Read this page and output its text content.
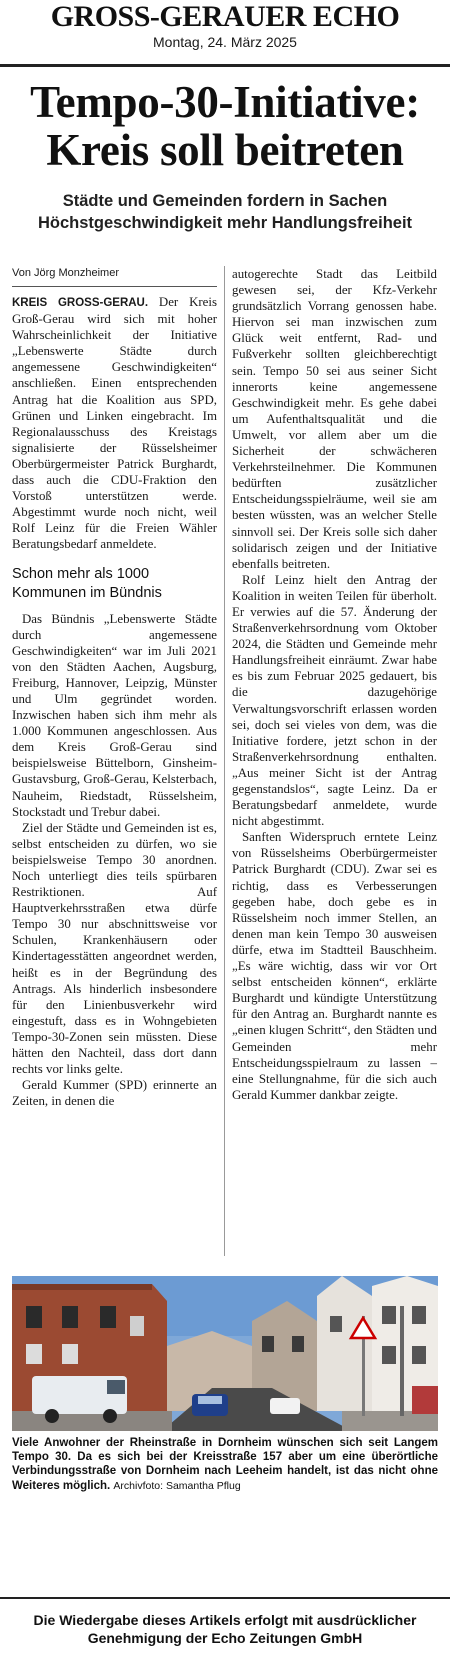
GROSS-GERAUER ECHO
Montag, 24. März 2025
Tempo-30-Initiative:
Kreis soll beitreten
Städte und Gemeinden fordern in Sachen
Höchstgeschwindigkeit mehr Handlungsfreiheit
Von Jörg Monzheimer

KREIS GROSS-GERAU. Der Kreis Groß-Gerau wird sich mit hoher Wahrscheinlichkeit der Initiative „Lebenswerte Städte durch angemessene Geschwindigkeiten“ anschließen. Einen entsprechenden Antrag hat die Koalition aus SPD, Grünen und Linken eingebracht. Im Regionalausschuss des Kreistags signalisierte der Rüsselsheimer Oberbürgermeister Patrick Burghardt, dass auch die CDU-Fraktion den Vorstoß unterstützen werde. Abgestimmt wurde noch nicht, weil Rolf Leinz für die Freien Wähler Beratungsbedarf anmeldete.

Schon mehr als 1000 Kommunen im Bündnis

Das Bündnis „Lebenswerte Städte durch angemessene Geschwindigkeiten“ war im Juli 2021 von den Städten Aachen, Augsburg, Freiburg, Hannover, Leipzig, Münster und Ulm gegründet worden. Inzwischen haben sich ihm mehr als 1.000 Kommunen angeschlossen. Aus dem Kreis Groß-Gerau sind beispielsweise Büttelborn, Ginsheim-Gustavsburg, Groß-Gerau, Kelsterbach, Nauheim, Riedstadt, Rüsselsheim, Stockstadt und Trebur dabei.

Ziel der Städte und Gemeinden ist es, selbst entscheiden zu dürfen, wo sie beispielsweise Tempo 30 anordnen. Noch unterliegt dies teils spürbaren Restriktionen. Auf Hauptverkehrsstraßen etwa dürfe Tempo 30 nur abschnittsweise vor Schulen, Krankenhäusern oder Kindertagesstätten angeordnet werden, heißt es in der Begründung des Antrags. Als hinderlich insbesondere für den Linienbusverkehr wird eingestuft, dass es in Wohngebieten Tempo-30-Zonen sein müssten. Diese hätten den Nachteil, dass dort dann rechts vor links gelte.

Gerald Kummer (SPD) erinnerte an Zeiten, in denen die

autogerechte Stadt das Leitbild gewesen sei, der Kfz-Verkehr grundsätzlich Vorrang genossen habe. Hiervon sei man inzwischen zum Glück weit entfernt, Rad- und Fußverkehr sollten gleichberechtigt sein. Tempo 50 sei aus seiner Sicht innerorts keine angemessene Geschwindigkeit mehr. Es gehe dabei um Aufenthaltsqualität und die Umwelt, vor allem aber um die Sicherheit der schwächeren Verkehrsteilnehmer. Die Kommunen bedürften zusätzlicher Entscheidungsspielräume, weil sie am besten wüssten, was an welcher Stelle sinnvoll sei. Der Kreis solle sich daher solidarisch zeigen und der Initiative ebenfalls beitreten.

Rolf Leinz hielt den Antrag der Koalition in weiten Teilen für überholt. Er verwies auf die 57. Änderung der Straßenverkehrsordnung vom Oktober 2024, die Städten und Gemeinde mehr Handlungsfreiheit einräumt. Zwar habe es bis zum Februar 2025 gedauert, bis die dazugehörige Verwaltungsvorschrift erlassen worden sei, doch sei vieles von dem, was die Initiative fordere, jetzt schon in der Straßenverkehrsordnung enthalten. „Aus meiner Sicht ist der Antrag gegenstandslos“, sagte Leinz. Da er Beratungsbedarf anmeldete, wurde nicht abgestimmt.

Sanften Widerspruch erntete Leinz von Rüsselsheims Oberbürgermeister Patrick Burghardt (CDU). Zwar sei es richtig, dass es Verbesserungen gegeben habe, doch gebe es in Rüsselsheim noch immer Stellen, an denen man kein Tempo 30 ausweisen dürfe, etwa im Stadtteil Bauschheim. „Es wäre wichtig, dass wir vor Ort selbst entscheiden können“, erklärte Burghardt und kündigte Unterstützung für den Antrag an. Burghardt nannte es „einen klugen Schritt“, den Städten und Gemeinden mehr Entscheidungsspielraum zu lassen – eine Stellungnahme, für die sich auch Gerald Kummer dankbar zeigte.

Viele Anwohner der Rheinstraße in Dornheim wünschen sich seit Langem Tempo 30. Da es sich bei der Kreisstraße 157 aber um eine überörtliche Verbindungsstraße von Dornheim nach Leeheim handelt, ist das nicht ohne Weiteres möglich. Archivfoto: Samantha Pflug
Die Wiedergabe dieses Artikels erfolgt mit ausdrücklicher
Genehmigung der Echo Zeitungen GmbH
